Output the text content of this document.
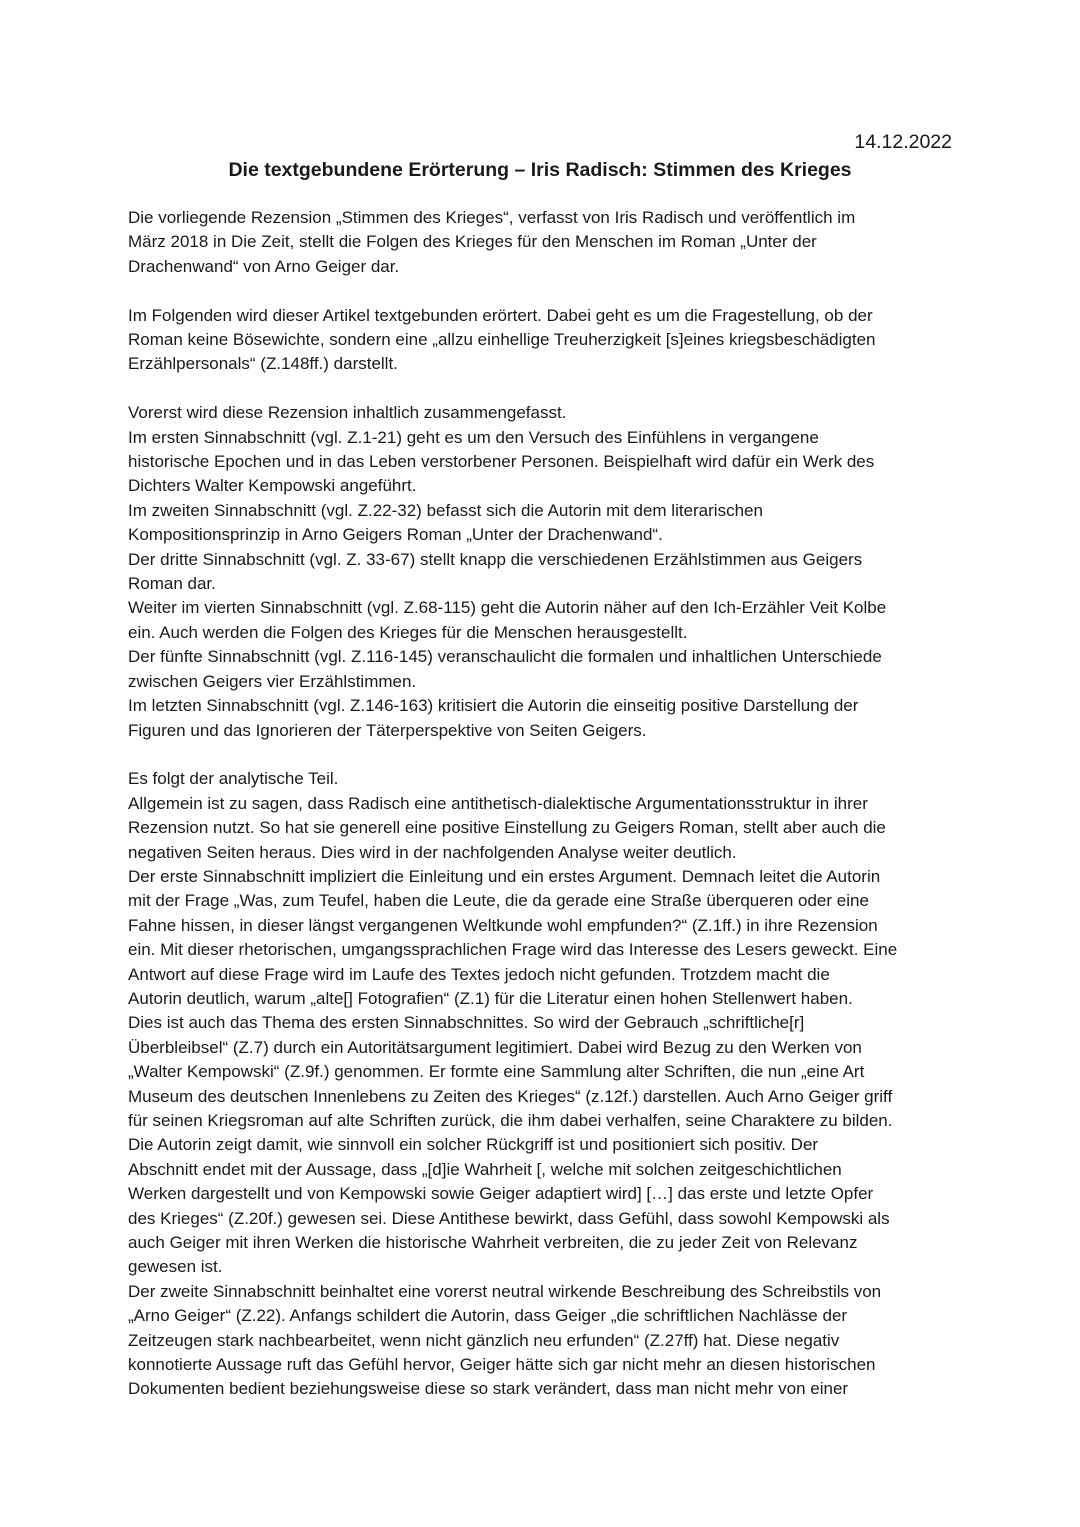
14.12.2022

Die textgebundene Erörterung – Iris Radisch: Stimmen des Krieges

Die vorliegende Rezension „Stimmen des Krieges“, verfasst von Iris Radisch und veröffentlich im
März 2018 in Die Zeit, stellt die Folgen des Krieges für den Menschen im Roman „Unter der
Drachenwand“ von Arno Geiger dar.

Im Folgenden wird dieser Artikel textgebunden erörtert. Dabei geht es um die Fragestellung, ob der
Roman keine Bösewichte, sondern eine „allzu einhellige Treuherzigkeit [s]eines kriegsbeschädigten
Erzählpersonals“ (Z.148ff.) darstellt.

Vorerst wird diese Rezension inhaltlich zusammengefasst.
Im ersten Sinnabschnitt (vgl. Z.1-21) geht es um den Versuch des Einfühlens in vergangene
historische Epochen und in das Leben verstorbener Personen. Beispielhaft wird dafür ein Werk des
Dichters Walter Kempowski angeführt.
Im zweiten Sinnabschnitt (vgl. Z.22-32) befasst sich die Autorin mit dem literarischen
Kompositionsprinzip in Arno Geigers Roman „Unter der Drachenwand“.
Der dritte Sinnabschnitt (vgl. Z. 33-67) stellt knapp die verschiedenen Erzählstimmen aus Geigers
Roman dar.
Weiter im vierten Sinnabschnitt (vgl. Z.68-115) geht die Autorin näher auf den Ich-Erzähler Veit Kolbe
ein. Auch werden die Folgen des Krieges für die Menschen herausgestellt.
Der fünfte Sinnabschnitt (vgl. Z.116-145) veranschaulicht die formalen und inhaltlichen Unterschiede
zwischen Geigers vier Erzählstimmen.
Im letzten Sinnabschnitt (vgl. Z.146-163) kritisiert die Autorin die einseitig positive Darstellung der
Figuren und das Ignorieren der Täterperspektive von Seiten Geigers.

Es folgt der analytische Teil.
Allgemein ist zu sagen, dass Radisch eine antithetisch-dialektische Argumentationsstruktur in ihrer
Rezension nutzt. So hat sie generell eine positive Einstellung zu Geigers Roman, stellt aber auch die
negativen Seiten heraus. Dies wird in der nachfolgenden Analyse weiter deutlich.
Der erste Sinnabschnitt impliziert die Einleitung und ein erstes Argument. Demnach leitet die Autorin
mit der Frage „Was, zum Teufel, haben die Leute, die da gerade eine Straße überqueren oder eine
Fahne hissen, in dieser längst vergangenen Weltkunde wohl empfunden?“ (Z.1ff.) in ihre Rezension
ein. Mit dieser rhetorischen, umgangssprachlichen Frage wird das Interesse des Lesers geweckt. Eine
Antwort auf diese Frage wird im Laufe des Textes jedoch nicht gefunden. Trotzdem macht die
Autorin deutlich, warum „alte[] Fotografien“ (Z.1) für die Literatur einen hohen Stellenwert haben.
Dies ist auch das Thema des ersten Sinnabschnittes. So wird der Gebrauch „schriftliche[r]
Überbleibsel“ (Z.7) durch ein Autoritätsargument legitimiert. Dabei wird Bezug zu den Werken von
„Walter Kempowski“ (Z.9f.) genommen. Er formte eine Sammlung alter Schriften, die nun „eine Art
Museum des deutschen Innenlebens zu Zeiten des Krieges“ (z.12f.) darstellen. Auch Arno Geiger griff
für seinen Kriegsroman auf alte Schriften zurück, die ihm dabei verhalfen, seine Charaktere zu bilden.
Die Autorin zeigt damit, wie sinnvoll ein solcher Rückgriff ist und positioniert sich positiv. Der
Abschnitt endet mit der Aussage, dass „[d]ie Wahrheit [, welche mit solchen zeitgeschichtlichen
Werken dargestellt und von Kempowski sowie Geiger adaptiert wird] […] das erste und letzte Opfer
des Krieges“ (Z.20f.) gewesen sei. Diese Antithese bewirkt, dass Gefühl, dass sowohl Kempowski als
auch Geiger mit ihren Werken die historische Wahrheit verbreiten, die zu jeder Zeit von Relevanz
gewesen ist.
Der zweite Sinnabschnitt beinhaltet eine vorerst neutral wirkende Beschreibung des Schreibstils von
„Arno Geiger“ (Z.22). Anfangs schildert die Autorin, dass Geiger „die schriftlichen Nachlässe der
Zeitzeugen stark nachbearbeitet, wenn nicht gänzlich neu erfunden“ (Z.27ff) hat. Diese negativ
konnotierte Aussage ruft das Gefühl hervor, Geiger hätte sich gar nicht mehr an diesen historischen
Dokumenten bedient beziehungsweise diese so stark verändert, dass man nicht mehr von einer
